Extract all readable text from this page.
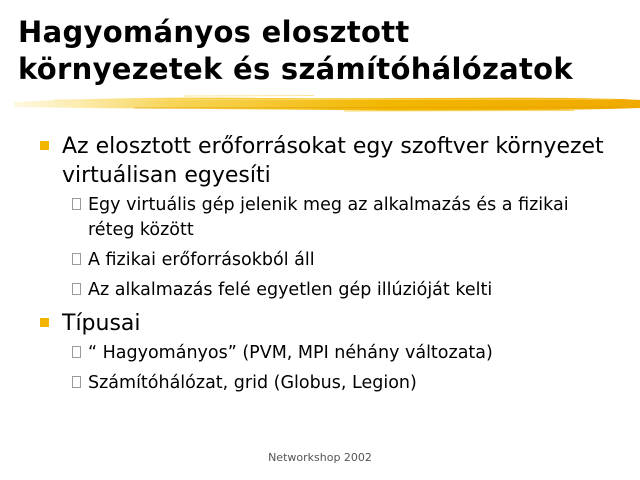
Hagyományos elosztott
környezetek és számítóhálózatok
Az elosztott erőforrásokat egy szoftver környezet virtuálisan egyesíti
Egy virtuális gép jelenik meg az alkalmazás és a fizikai réteg között
A fizikai erőforrásokból áll
Az alkalmazás felé egyetlen gép illúzióját kelti
Típusai
“ Hagyományos” (PVM, MPI néhány változata)
Számítóhálózat, grid (Globus, Legion)
Networkshop 2002
